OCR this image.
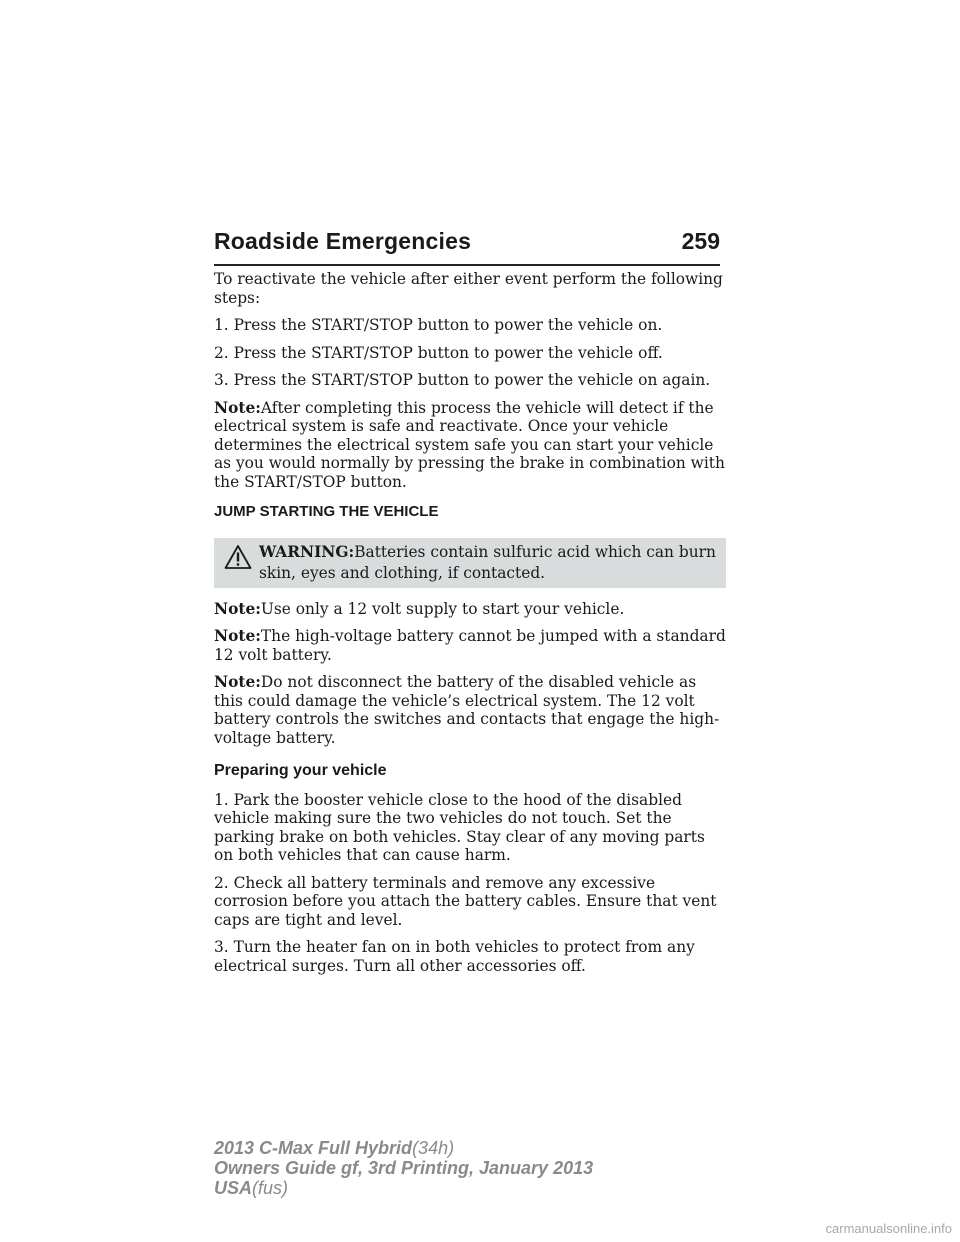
Roadside Emergencies	259

To reactivate the vehicle after either event perform the following steps:

1. Press the START/STOP button to power the vehicle on.

2. Press the START/STOP button to power the vehicle off.

3. Press the START/STOP button to power the vehicle on again.

Note:After completing this process the vehicle will detect if the electrical system is safe and reactivate. Once your vehicle determines the electrical system safe you can start your vehicle as you would normally by pressing the brake in combination with the START/STOP button.

JUMP STARTING THE VEHICLE
WARNING:Batteries contain sulfuric acid which can burn skin, eyes and clothing, if contacted.

Note:Use only a 12 volt supply to start your vehicle.

Note:The high-voltage battery cannot be jumped with a standard 12 volt battery.

Note:Do not disconnect the battery of the disabled vehicle as this could damage the vehicle’s electrical system. The 12 volt battery controls the switches and contacts that engage the high-voltage battery.

Preparing your vehicle

1. Park the booster vehicle close to the hood of the disabled vehicle making sure the two vehicles do not touch. Set the parking brake on both vehicles. Stay clear of any moving parts on both vehicles that can cause harm.

2. Check all battery terminals and remove any excessive corrosion before you attach the battery cables. Ensure that vent caps are tight and level.

3. Turn the heater fan on in both vehicles to protect from any electrical surges. Turn all other accessories off.

2013 C-Max Full Hybrid(34h)
Owners Guide gf, 3rd Printing, January 2013
USA(fus)
carmanualsonline.info
